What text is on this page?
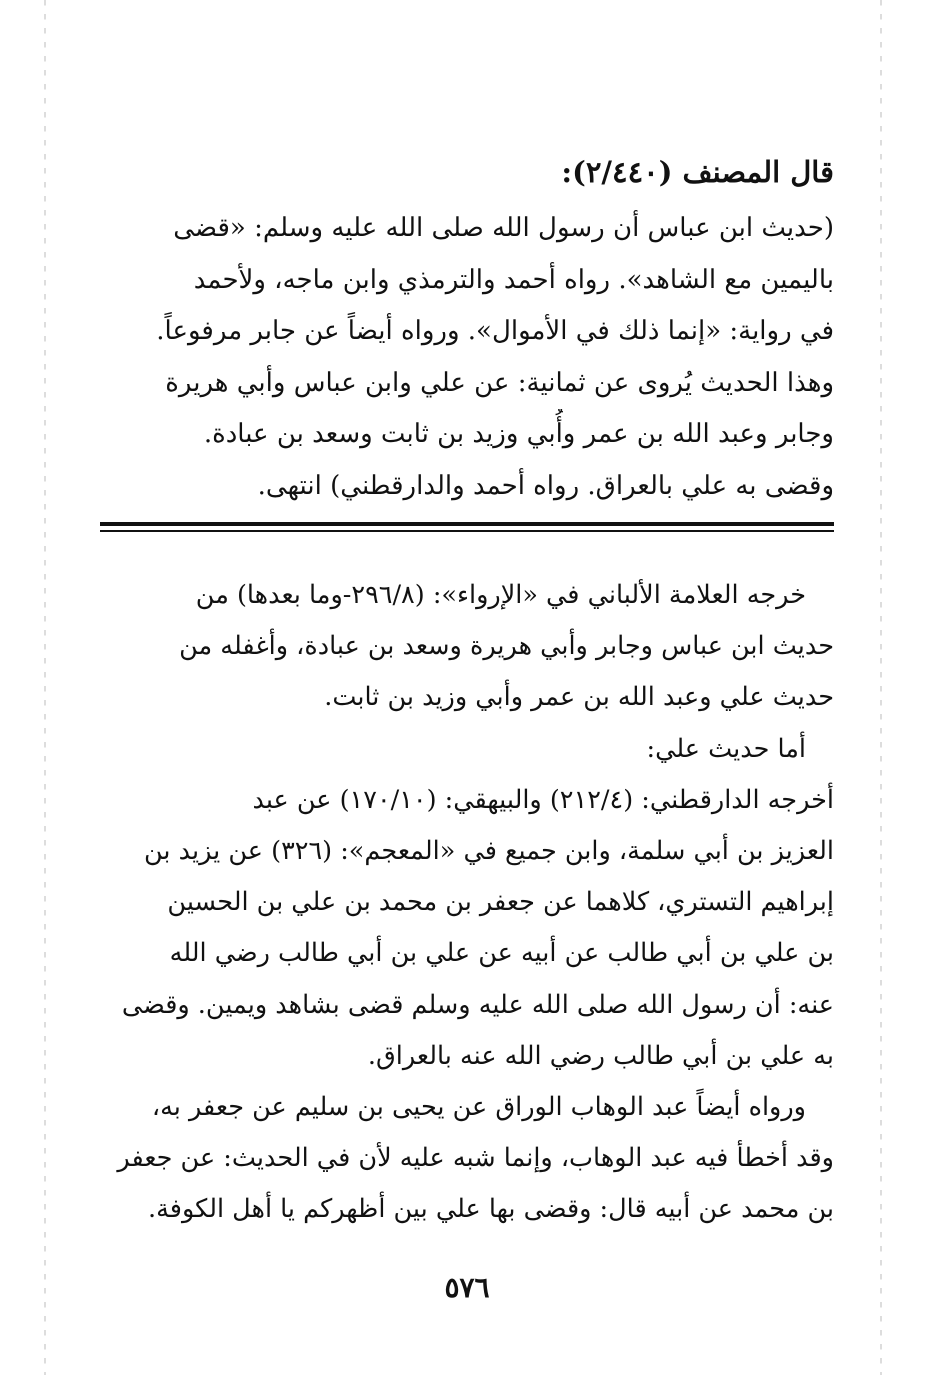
قال المصنف (٢/٤٤٠):
(حديث ابن عباس أن رسول الله صلى الله عليه وسلم: «قضى
باليمين مع الشاهد». رواه أحمد والترمذي وابن ماجه، ولأحمد
في رواية: «إنما ذلك في الأموال». ورواه أيضاً عن جابر مرفوعاً.
وهذا الحديث يُروى عن ثمانية: عن علي وابن عباس وأبي هريرة
وجابر وعبد الله بن عمر وأُبي وزيد بن ثابت وسعد بن عبادة.
وقضى به علي بالعراق. رواه أحمد والدارقطني) انتهى.
خرجه العلامة الألباني في «الإرواء»: (٢٩٦/٨-وما بعدها) من
حديث ابن عباس وجابر وأبي هريرة وسعد بن عبادة، وأغفله من
حديث علي وعبد الله بن عمر وأبي وزيد بن ثابت.
أما حديث علي:
أخرجه الدارقطني: (٢١٢/٤) والبيهقي: (١٧٠/١٠) عن عبد
العزيز بن أبي سلمة، وابن جميع في «المعجم»: (٣٢٦) عن يزيد بن
إبراهيم التستري، كلاهما عن جعفر بن محمد بن علي بن الحسين
بن علي بن أبي طالب عن أبيه عن علي بن أبي طالب رضي الله
عنه: أن رسول الله صلى الله عليه وسلم قضى بشاهد ويمين. وقضى
به علي بن أبي طالب رضي الله عنه بالعراق.
ورواه أيضاً عبد الوهاب الوراق عن يحيى بن سليم عن جعفر به،
وقد أخطأ فيه عبد الوهاب، وإنما شبه عليه لأن في الحديث: عن جعفر
بن محمد عن أبيه قال: وقضى بها علي بين أظهركم يا أهل الكوفة.
٥٧٦
